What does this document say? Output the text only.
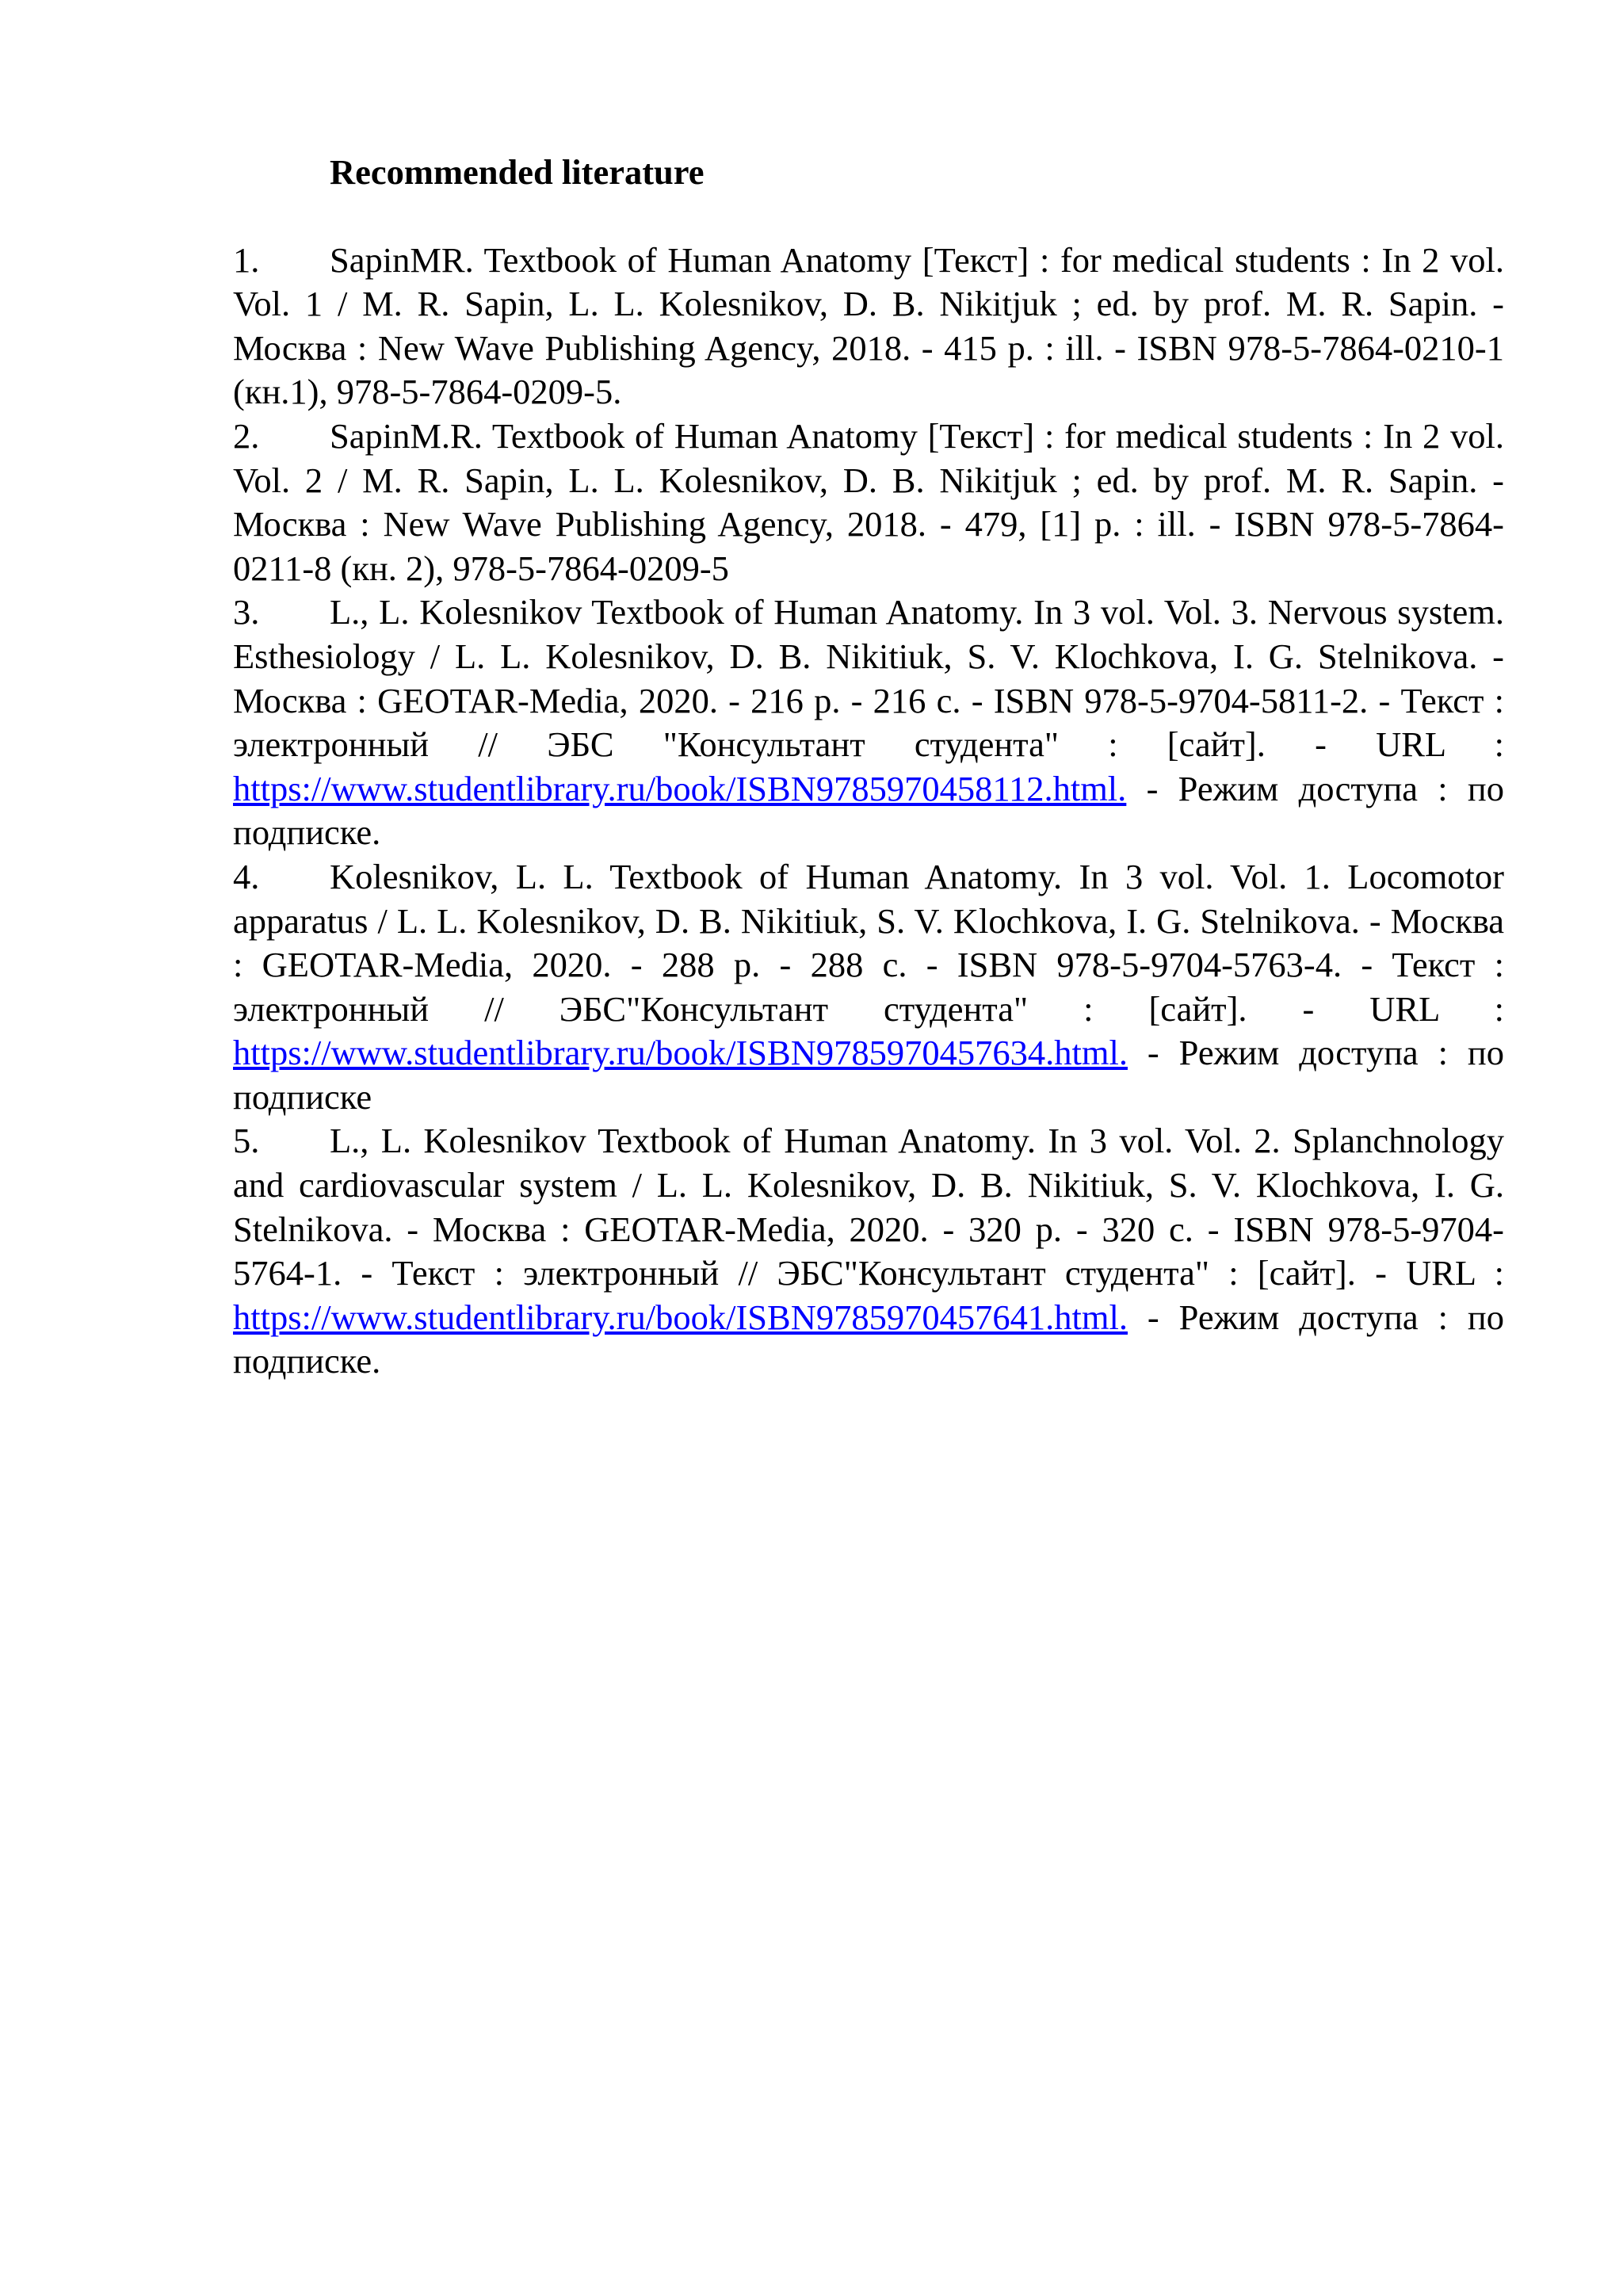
Recommended literature

1. SapinMR. Textbook of Human Anatomy [Текст] : for medical students : In 2 vol. Vol. 1 / M. R. Sapin, L. L. Kolesnikov, D. B. Nikitjuk ; ed. by prof. M. R. Sapin. - Москва : New Wave Publishing Agency, 2018. - 415 p. : ill. - ISBN 978-5-7864-0210-1 (кн.1), 978-5-7864-0209-5.

2. SapinM.R. Textbook of Human Anatomy [Текст] : for medical students : In 2 vol. Vol. 2 / M. R. Sapin, L. L. Kolesnikov, D. B. Nikitjuk ; ed. by prof. M. R. Sapin. - Москва : New Wave Publishing Agency, 2018. - 479, [1] p. : ill. - ISBN 978-5-7864-0211-8 (кн. 2), 978-5-7864-0209-5

3. L., L. Kolesnikov Textbook of Human Anatomy. In 3 vol. Vol. 3. Nervous system. Esthesiology / L. L. Kolesnikov, D. B. Nikitiuk, S. V. Klochkova, I. G. Stelnikova. - Москва : GEOTAR-Media, 2020. - 216 p. - 216 с. - ISBN 978-5-9704-5811-2. - Текст : электронный // ЭБС "Консультант студента" : [сайт]. - URL : https://www.studentlibrary.ru/book/ISBN9785970458112.html. - Режим доступа : по подписке.

4. Kolesnikov, L. L. Textbook of Human Anatomy. In 3 vol. Vol. 1. Locomotor apparatus / L. L. Kolesnikov, D. B. Nikitiuk, S. V. Klochkova, I. G. Stelnikova. - Москва : GEOTAR-Media, 2020. - 288 p. - 288 с. - ISBN 978-5-9704-5763-4. - Текст : электронный // ЭБС"Консультант студента" : [сайт]. - URL : https://www.studentlibrary.ru/book/ISBN9785970457634.html. - Режим доступа : по подписке

5. L., L. Kolesnikov Textbook of Human Anatomy. In 3 vol. Vol. 2. Splanchnology and cardiovascular system / L. L. Kolesnikov, D. B. Nikitiuk, S. V. Klochkova, I. G. Stelnikova. - Москва : GEOTAR-Media, 2020. - 320 p. - 320 с. - ISBN 978-5-9704-5764-1. - Текст : электронный // ЭБС"Консультант студента" : [сайт]. - URL : https://www.studentlibrary.ru/book/ISBN9785970457641.html. - Режим доступа : по подписке.
